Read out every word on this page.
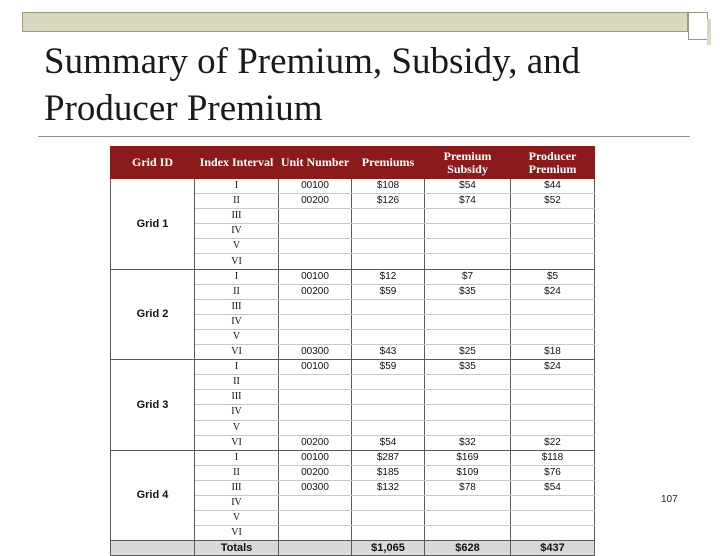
Summary of Premium, Subsidy, and Producer Premium
Grid ID	Index Interval	Unit Number	Premiums	Premium Subsidy	Producer Premium
Grid 1	I	00100	$108	$54	$44
	II	00200	$126	$74	$52
	III				
	IV				
	V				
	VI				
Grid 2	I	00100	$12	$7	$5
	II	00200	$59	$35	$24
	III				
	IV				
	V				
	VI	00300	$43	$25	$18
Grid 3	I	00100	$59	$35	$24
	II				
	III				
	IV				
	V				
	VI	00200	$54	$32	$22
Grid 4	I	00100	$287	$169	$118
	II	00200	$185	$109	$76
	III	00300	$132	$78	$54
	IV				
	V				
	VI				
	Totals		$1,065	$628	$437
107
